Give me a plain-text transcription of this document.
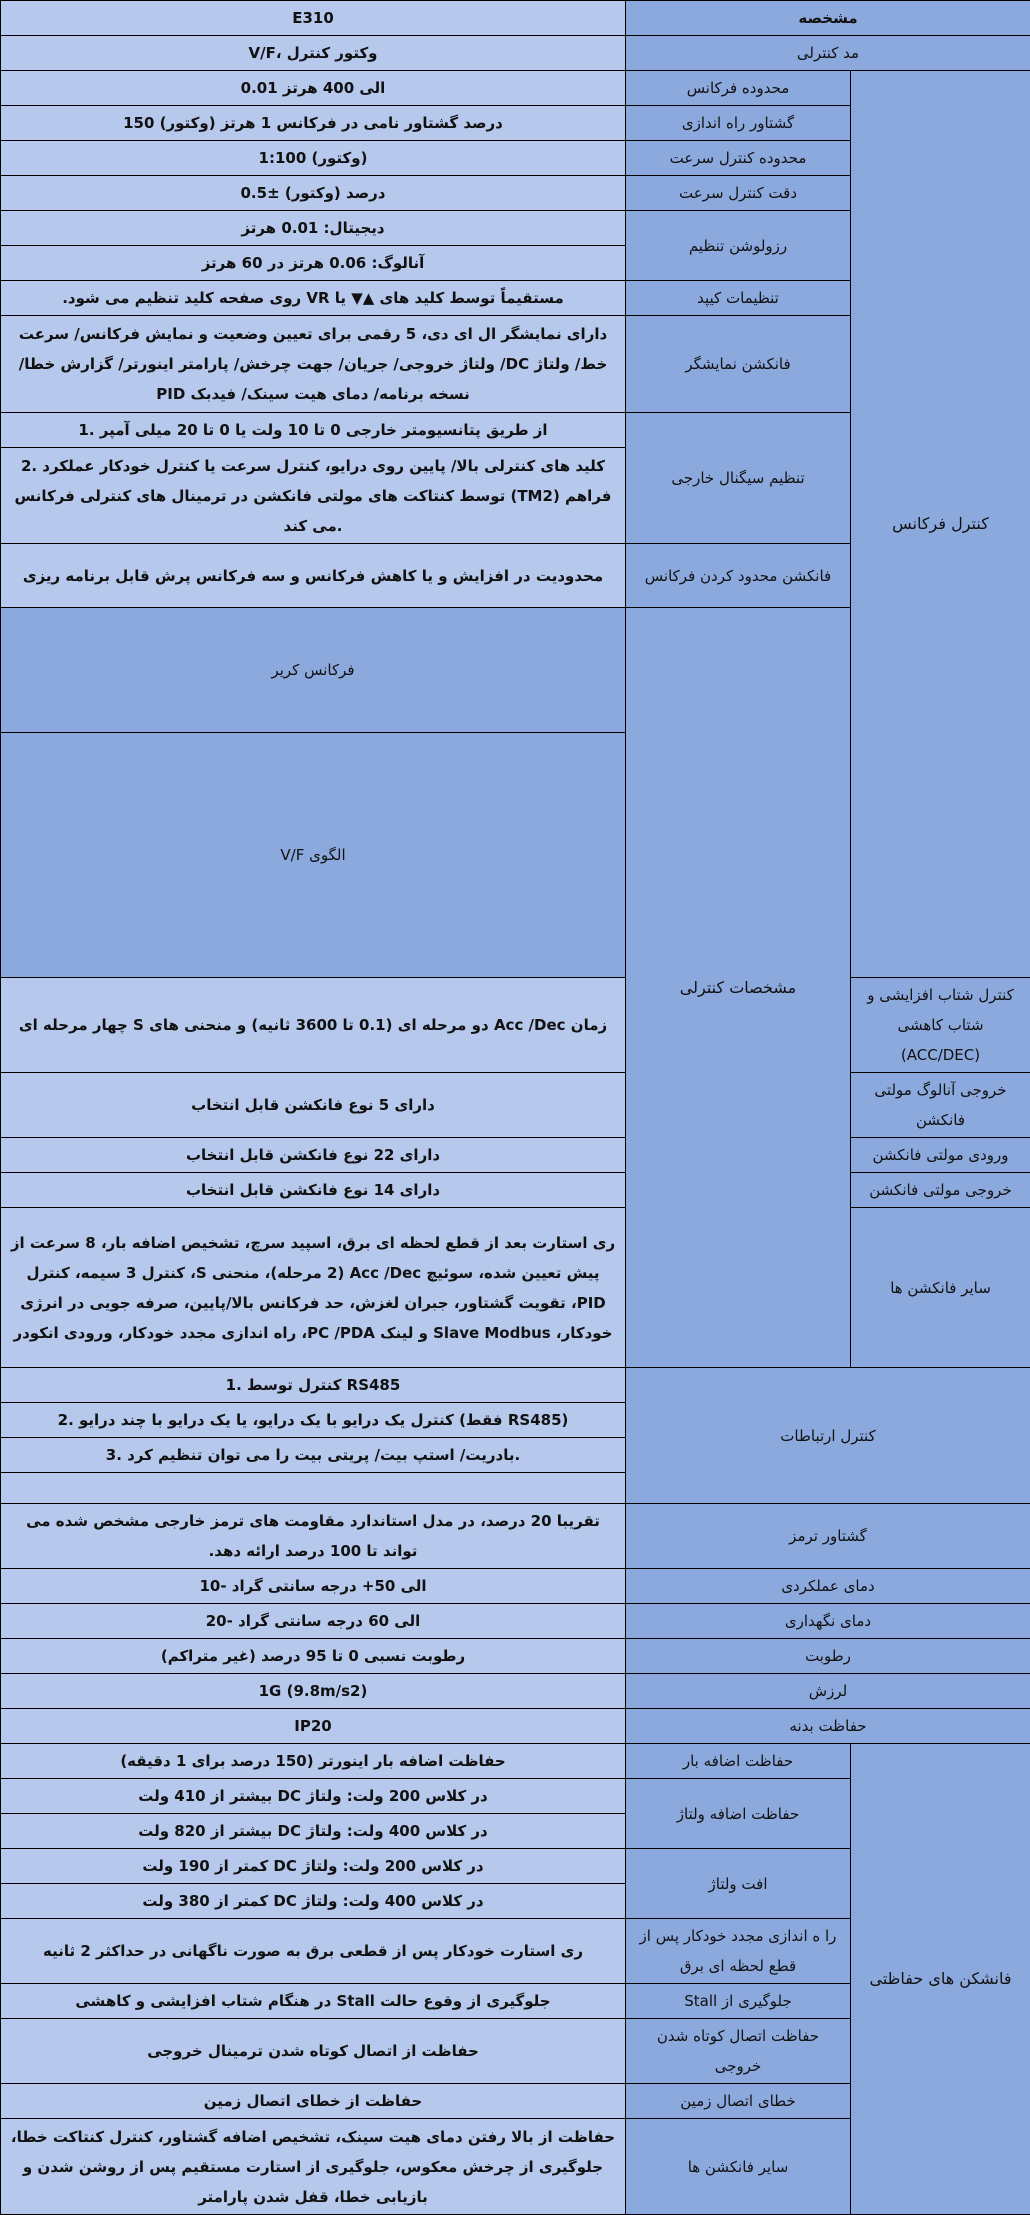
مشخصه		E310	
مد کنترلی		وکتور کنترل ،V/F	
کنترل فرکانس	محدوده فرکانس	الی 400 هرتز 0.01	
	گشتاور راه اندازی	درصد گشتاور نامی در فرکانس 1 هرتز (وکتور) 150	
	محدوده کنترل سرعت	(وکتور) 1:100	
	دقت کنترل سرعت	درصد (وکتور) ±0.5	
	رزولوشن تنظیم	دیجیتال: 0.01 هرتز	
		آنالوگ: 0.06 هرتز در 60 هرتز	
	تنظیمات کیپد	مستقیماً توسط کلید های ▲▼ یا VR روی صفحه کلید تنظیم می شود.	
	فانکشن نمایشگر	دارای نمایشگر ال ای دی، 5 رقمی برای تعیین وضعیت و نمایش فرکانس/ سرعت خط/ ولتاژ DC/ ولتاژ خروجی/ جریان/ جهت چرخش/ پارامتر اینورتر/ گزارش خطا/ نسخه برنامه/ دمای هیت سینک/ فیدبک PID	
	تنظیم سیگنال خارجی	از طریق پتانسیومتر خارجی 0 تا 10 ولت یا 0 تا 20 میلی آمپر .1	
		کلید های کنترلی بالا/ پایین روی درایو، کنترل سرعت یا کنترل خودکار عملکرد .2 فراهم (TM2) توسط کنتاکت های مولتی فانکشن در ترمینال های کنترلی فرکانس .می کند	
	فانکشن محدود کردن فرکانس	محدودیت در افزایش و یا کاهش فرکانس و سه فرکانس پرش قابل برنامه ریزی	
	مشخصات کنترلی	فرکانس کریر	
		الگوی V/F	
کنترل شتاب افزایشی و شتاب کاهشی (ACC/DEC)		زمان Acc /Dec دو مرحله ای (0.1 تا 3600 ثانیه) و منحنی های S چهار مرحله ای	
خروجی آنالوگ مولتی فانکشن		دارای 5 نوع فانکشن قابل انتخاب	
ورودی مولتی فانکشن		دارای 22 نوع فانکشن قابل انتخاب	
خروجی مولتی فانکشن		دارای 14 نوع فانکشن قابل انتخاب	
سایر فانکشن ها		ری استارت بعد از قطع لحظه ای برق، اسپید سرچ، تشخیص اضافه بار، 8 سرعت از پیش تعیین شده، سوئیچ Acc /Dec (2 مرحله)، منحنی S، کنترل 3 سیمه، کنترل PID، تقویت گشتاور، جبران لغزش، حد فرکانس بالا/پایین، صرفه جویی در انرژی خودکار، Slave Modbus و لینک PC /PDA، راه اندازی مجدد خودکار، ورودی انکودر	
کنترل ارتباطات		RS485 کنترل توسط .1	
		(RS485 فقط) کنترل یک درایو با یک درایو، یا یک درایو با چند درایو .2	
		.بادریت/ استپ بیت/ پریتی بیت را می توان تنظیم کرد .3	

گشتاور ترمز		تقریبا 20 درصد، در مدل استاندارد مقاومت های ترمز خارجی مشخص شده می تواند تا 100 درصد ارائه دهد.	
دمای عملکردی		الی 50+ درجه سانتی گراد -10	
دمای نگهداری		الی 60 درجه سانتی گراد -20	
رطوبت		رطوبت نسبی 0 تا 95 درصد (غیر متراکم)	
لرزش		1G (9.8m/s2)	
حفاظت بدنه		IP20	
فانشکن های حفاظتی	حفاظت اضافه بار	حفاظت اضافه بار اینورتر (150 درصد برای 1 دقیقه)	
	حفاظت اضافه ولتاژ	در کلاس 200 ولت: ولتاژ DC بیشتر از 410 ولت	
		در کلاس 400 ولت: ولتاژ DC بیشتر از 820 ولت	
	افت ولتاژ	در کلاس 200 ولت: ولتاژ DC کمتر از 190 ولت	
		در کلاس 400 ولت: ولتاژ DC کمتر از 380 ولت	
	را ه اندازی مجدد خودکار پس از قطع لحظه ای برق	ری استارت خودکار پس از قطعی برق به صورت ناگهانی در حداکثر 2 ثانیه	
	جلوگیری از Stall	جلوگیری از وقوع حالت Stall در هنگام شتاب افزایشی و کاهشی	
	حفاظت اتصال کوتاه شدن خروجی	حفاظت از اتصال کوتاه شدن ترمینال خروجی	
	خطای اتصال زمین	حفاظت از خطای اتصال زمین	
	سایر فانکشن ها	حفاظت از بالا رفتن دمای هیت سینک، تشخیص اضافه گشتاور، کنترل کنتاکت خطا، جلوگیری از چرخش معکوس، جلوگیری از استارت مستقیم پس از روشن شدن و بازیابی خطا، قفل شدن پارامتر	
